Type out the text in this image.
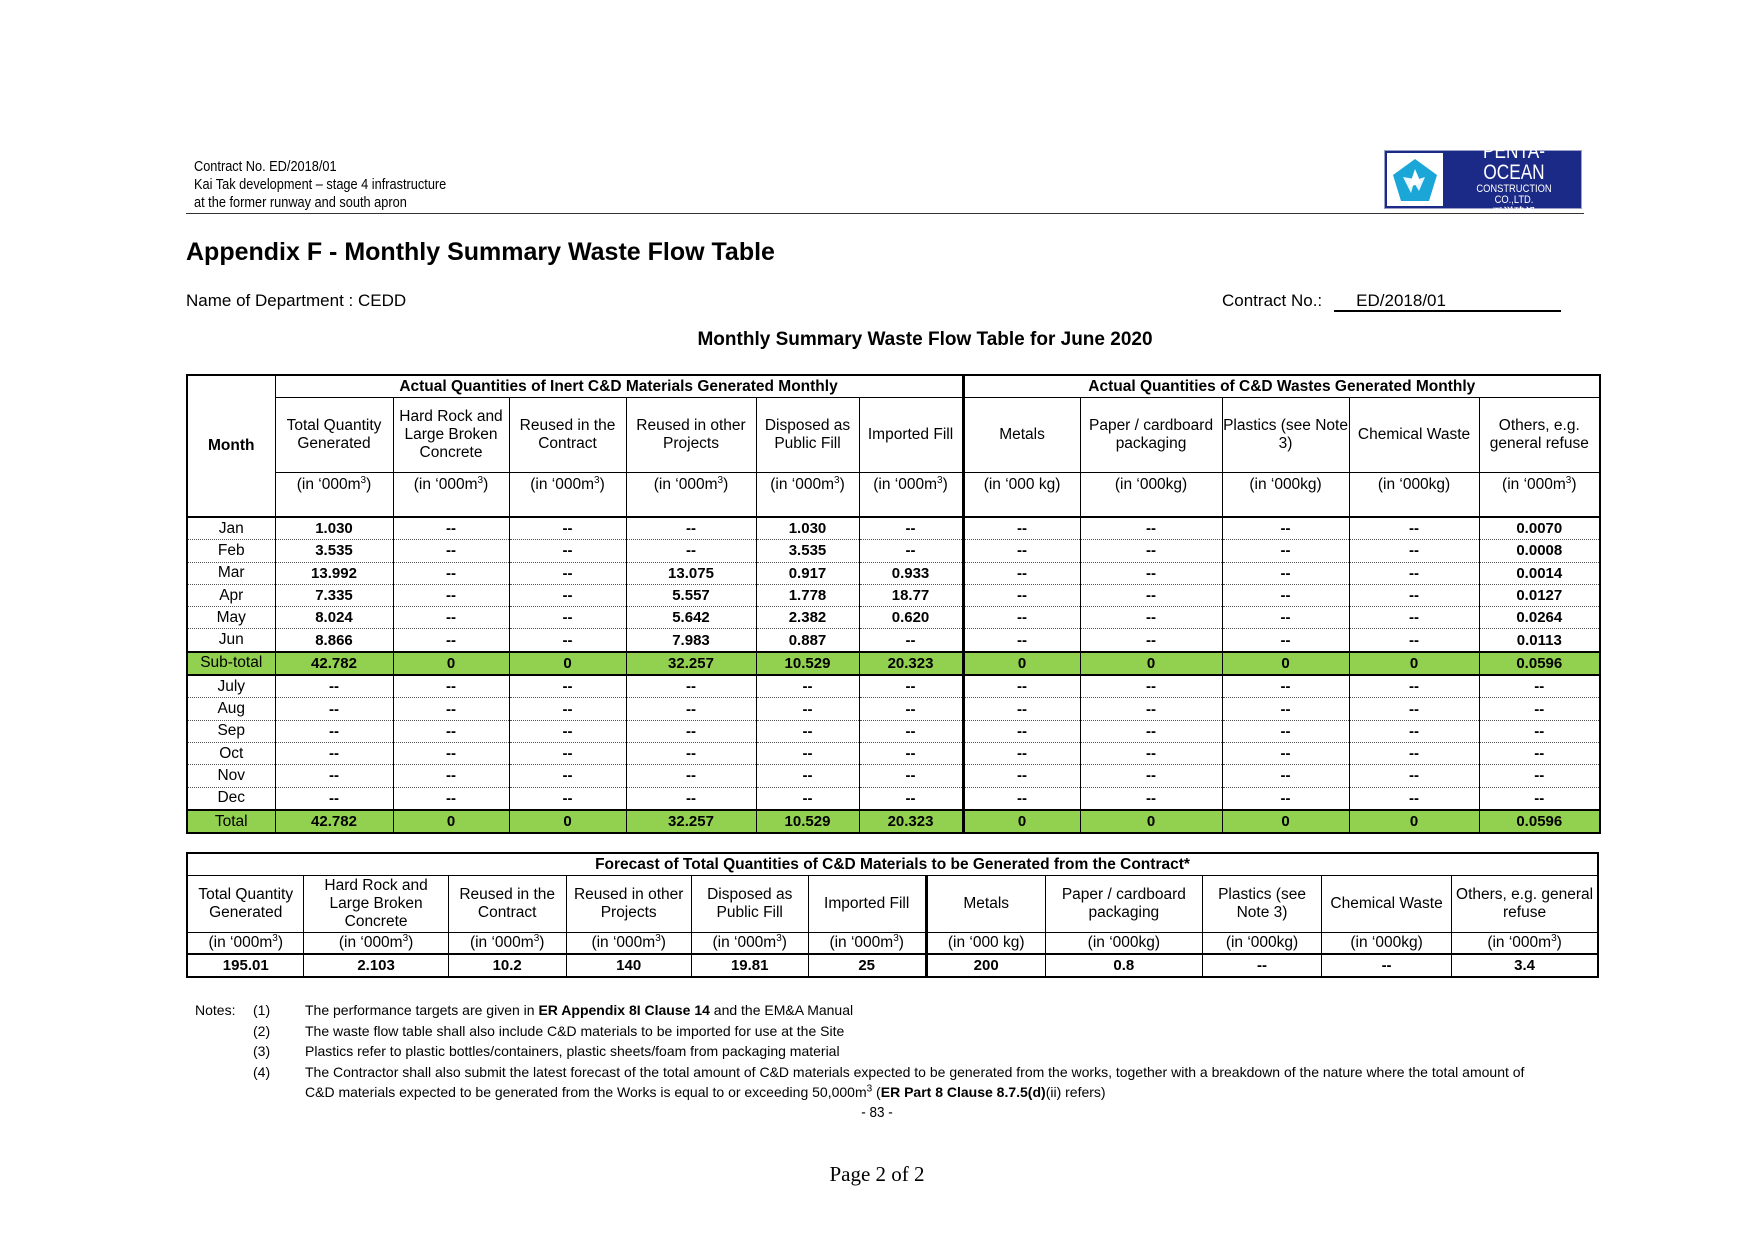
Contract No. ED/2018/01
Kai Tak development – stage 4 infrastructure
at the former runway and south apron
PENTA-OCEAN
CONSTRUCTION CO.,LTD.
五洋建設
Appendix F - Monthly Summary Waste Flow Table
Name of Department : CEDD	Contract No.: ED/2018/01
Monthly Summary Waste Flow Table for June 2020
Month	Actual Quantities of Inert C&D Materials Generated Monthly						Actual Quantities of C&D Wastes Generated Monthly				
	Total Quantity Generated	Hard Rock and Large Broken Concrete	Reused in the Contract	Reused in other Projects	Disposed as Public Fill	Imported Fill	Metals	Paper / cardboard packaging	Plastics (see Note 3)	Chemical Waste	Others, e.g. general refuse
	(in ‘$000m^3$)	(in ‘$000m^3$)	(in ‘$000m^3$)	(in ‘$000m^3$)	(in ‘$000m^3$)	(in ‘$000m^3$)	(in ‘000 kg)	(in ‘000kg)	(in ‘000kg)	(in ‘000kg)	(in ‘$000m^3$)
Jan	1.030	--	--	--	1.030	--	--	--	--	--	0.0070
Feb	3.535	--	--	--	3.535	--	--	--	--	--	0.0008
Mar	13.992	--	--	13.075	0.917	0.933	--	--	--	--	0.0014
Apr	7.335	--	--	5.557	1.778	18.77	--	--	--	--	0.0127
May	8.024	--	--	5.642	2.382	0.620	--	--	--	--	0.0264
Jun	8.866	--	--	7.983	0.887	--	--	--	--	--	0.0113
Sub-total	42.782	0	0	32.257	10.529	20.323	0	0	0	0	0.0596
July	--	--	--	--	--	--	--	--	--	--	--
Aug	--	--	--	--	--	--	--	--	--	--	--
Sep	--	--	--	--	--	--	--	--	--	--	--
Oct	--	--	--	--	--	--	--	--	--	--	--
Nov	--	--	--	--	--	--	--	--	--	--	--
Dec	--	--	--	--	--	--	--	--	--	--	--
Total	42.782	0	0	32.257	10.529	20.323	0	0	0	0	0.0596
Forecast of Total Quantities of C&D Materials to be Generated from the Contract*										
Total Quantity Generated	Hard Rock and Large Broken Concrete	Reused in the Contract	Reused in other Projects	Disposed as Public Fill	Imported Fill	Metals	Paper / cardboard packaging	Plastics (see Note 3)	Chemical Waste	Others, e.g. general refuse
(in ‘$000m^3$)	(in ‘$000m^3$)	(in ‘$000m^3$)	(in ‘$000m^3$)	(in ‘$000m^3$)	(in ‘$000m^3$)	(in ‘000 kg)	(in ‘000kg)	(in ‘000kg)	(in ‘000kg)	(in ‘$000m^3$)
195.01	2.103	10.2	140	19.81	25	200	0.8	--	--	3.4
Notes:	(1)	The performance targets are given in ER Appendix 8I Clause 14 and the EM&A Manual
(2)	The waste flow table shall also include C&D materials to be imported for use at the Site
(3)	Plastics refer to plastic bottles/containers, plastic sheets/foam from packaging material
(4)	The Contractor shall also submit the latest forecast of the total amount of C&D materials expected to be generated from the works, together with a breakdown of the nature where the total amount of C&D materials expected to be generated from the Works is equal to or exceeding $50,000m^3$ (ER Part 8 Clause 8.7.5(d)(ii) refers)
- 83 -
Page 2 of 2
